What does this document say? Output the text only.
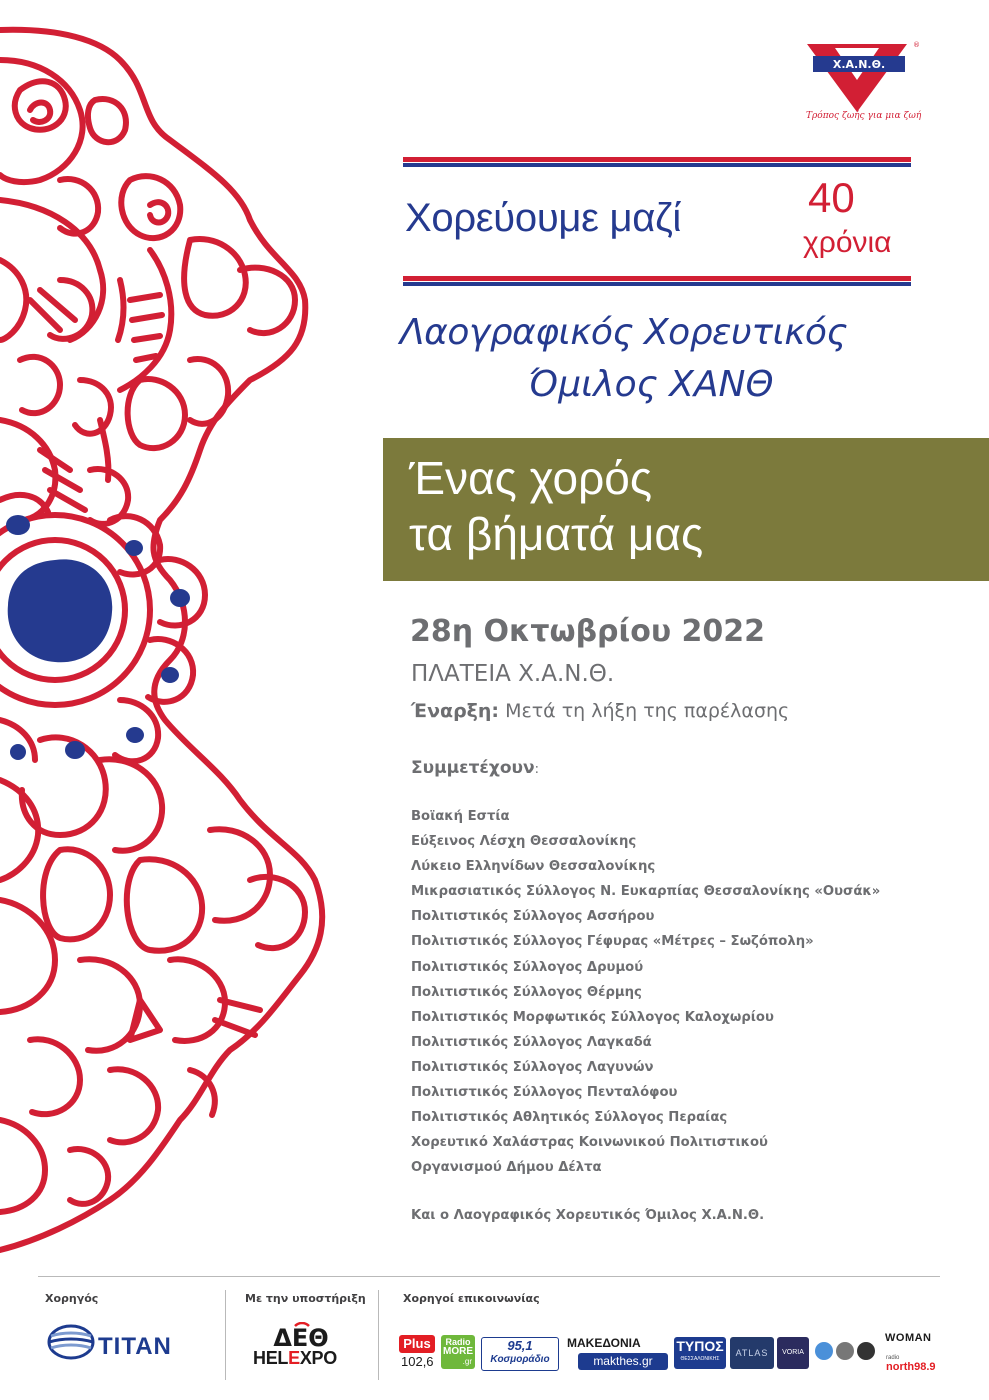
Χ.Α.Ν.Θ.
®
Τρόπος ζωής για μια ζωή
Χορεύουμε μαζί	40
χρόνια
Λαογραφικός Χορευτικός
Όμιλος ΧΑΝΘ
Ένας χορός
τα βήματά μας
28η Οκτωβρίου 2022
ΠΛΑΤΕΙΑ Χ.Α.Ν.Θ.
Έναρξη: Μετά τη λήξη της παρέλασης
Συμμετέχουν:
Βοϊακή Εστία
Εύξεινος Λέσχη Θεσσαλονίκης
Λύκειο Ελληνίδων Θεσσαλονίκης
Μικρασιατικός Σύλλογος Ν. Ευκαρπίας Θεσσαλονίκης «Ουσάκ»
Πολιτιστικός Σύλλογος Ασσήρου
Πολιτιστικός Σύλλογος Γέφυρας «Μέτρες – Σωζόπολη»
Πολιτιστικός Σύλλογος Δρυμού
Πολιτιστικός Σύλλογος Θέρμης
Πολιτιστικός Μορφωτικός Σύλλογος Καλοχωρίου
Πολιτιστικός Σύλλογος Λαγκαδά
Πολιτιστικός Σύλλογος Λαγυνών
Πολιτιστικός Σύλλογος Πενταλόφου
Πολιτιστικός Αθλητικός Σύλλογος Περαίας
Χορευτικό Χαλάστρας Κοινωνικού Πολιτιστικού
Οργανισμού Δήμου Δέλτα
Και ο Λαογραφικός Χορευτικός Όμιλος Χ.Α.Ν.Θ.
Χορηγός	Με την υποστήριξη	Χορηγοί επικοινωνίας
TITAN	ΔΕΘ
HELEXPO
Plus
102,6
Radio
MORE
.gr
95,1
Κοσμοράδιο
ΜΑΚΕΔΟΝΙΑ
makthes.gr
ΤΥΠΟΣ
ΘΕΣΣΑΛΟΝΙΚΗΣ
ATLAS	VORIA
WOMAN
radio
north98.9
